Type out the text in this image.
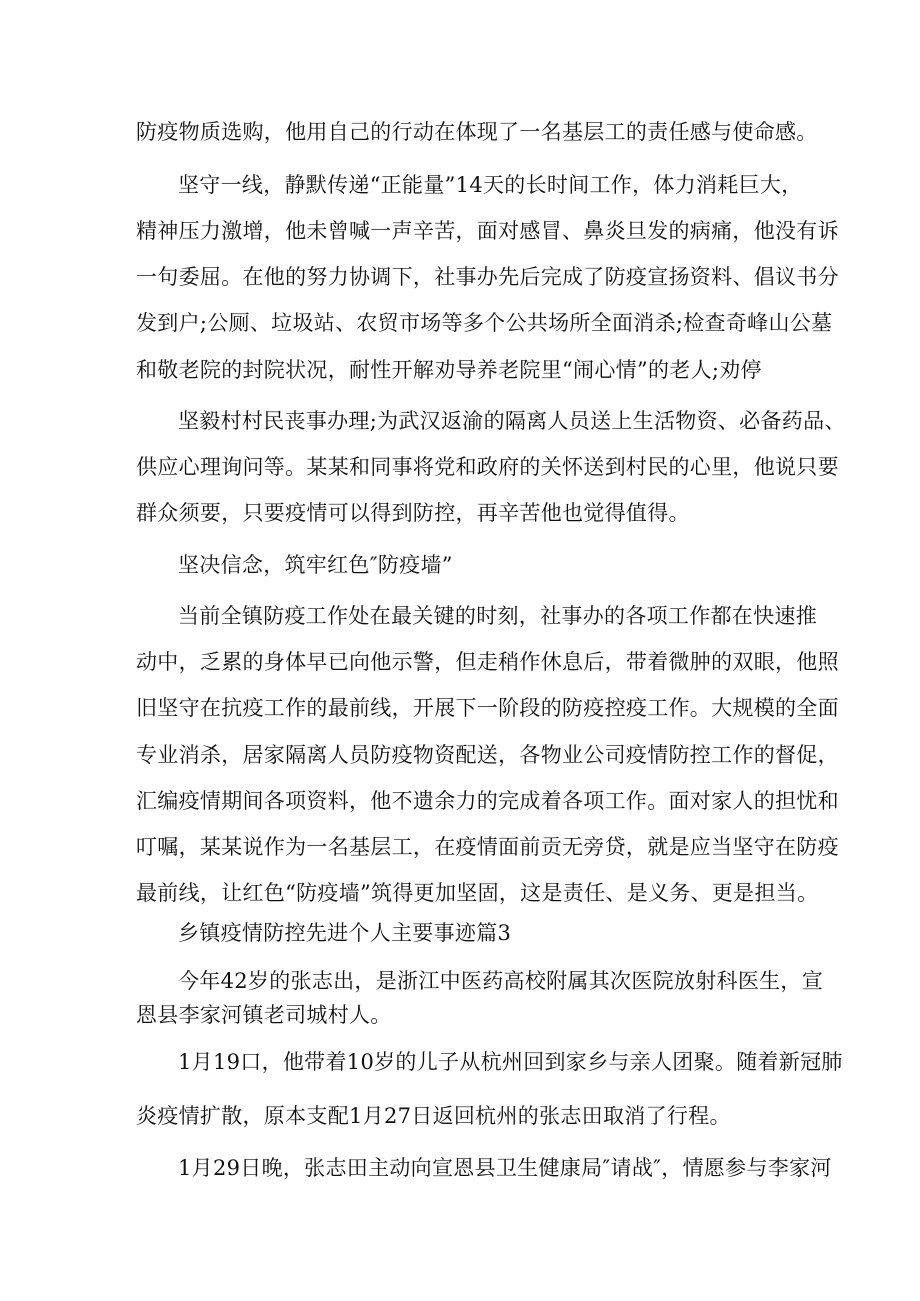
防疫物质选购，他用自己的行动在体现了一名基层工的责任感与使命感。
坚守一线，静默传递“正能量”14天的长时间工作，体力消耗巨大，
精神压力激增，他未曾喊一声辛苦，面对感冒、鼻炎旦发的病痛，他没有诉
一句委屈。在他的努力协调下，社事办先后完成了防疫宣扬资料、倡议书分
发到户;公厕、垃圾站、农贸市场等多个公共场所全面消杀;检查奇峰山公墓
和敬老院的封院状况，耐性开解劝导养老院里“闹心情”的老人;劝停
坚毅村村民丧事办理;为武汉返渝的隔离人员送上生活物资、必备药品、
供应心理询问等。某某和同事将党和政府的关怀送到村民的心里，他说只要
群众须要，只要疫情可以得到防控，再辛苦他也觉得值得。
坚决信念，筑牢红色″防疫墙”
当前全镇防疫工作处在最关键的时刻，社事办的各项工作都在快速推
动中，乏累的身体早已向他示警，但走稍作休息后，带着微肿的双眼，他照
旧坚守在抗疫工作的最前线，开展下一阶段的防疫控疫工作。大规模的全面
专业消杀，居家隔离人员防疫物资配送，各物业公司疫情防控工作的督促，
汇编疫情期间各项资料，他不遗余力的完成着各项工作。面对家人的担忧和
叮嘱，某某说作为一名基层工，在疫情面前贡无旁贷，就是应当坚守在防疫
最前线，让红色“防疫墙”筑得更加坚固，这是责任、是义务、更是担当。
乡镇疫情防控先进个人主要事迹篇3
今年42岁的张志出，是浙江中医药高校附属其次医院放射科医生，宣
恩县李家河镇老司城村人。
1月19口，他带着10岁的儿子从杭州回到家乡与亲人团聚。随着新冠肺
炎疫情扩散，原本支配1月27日返回杭州的张志田取消了行程。
1月29日晚，张志田主动向宣恩县卫生健康局″请战″，情愿参与李家河
